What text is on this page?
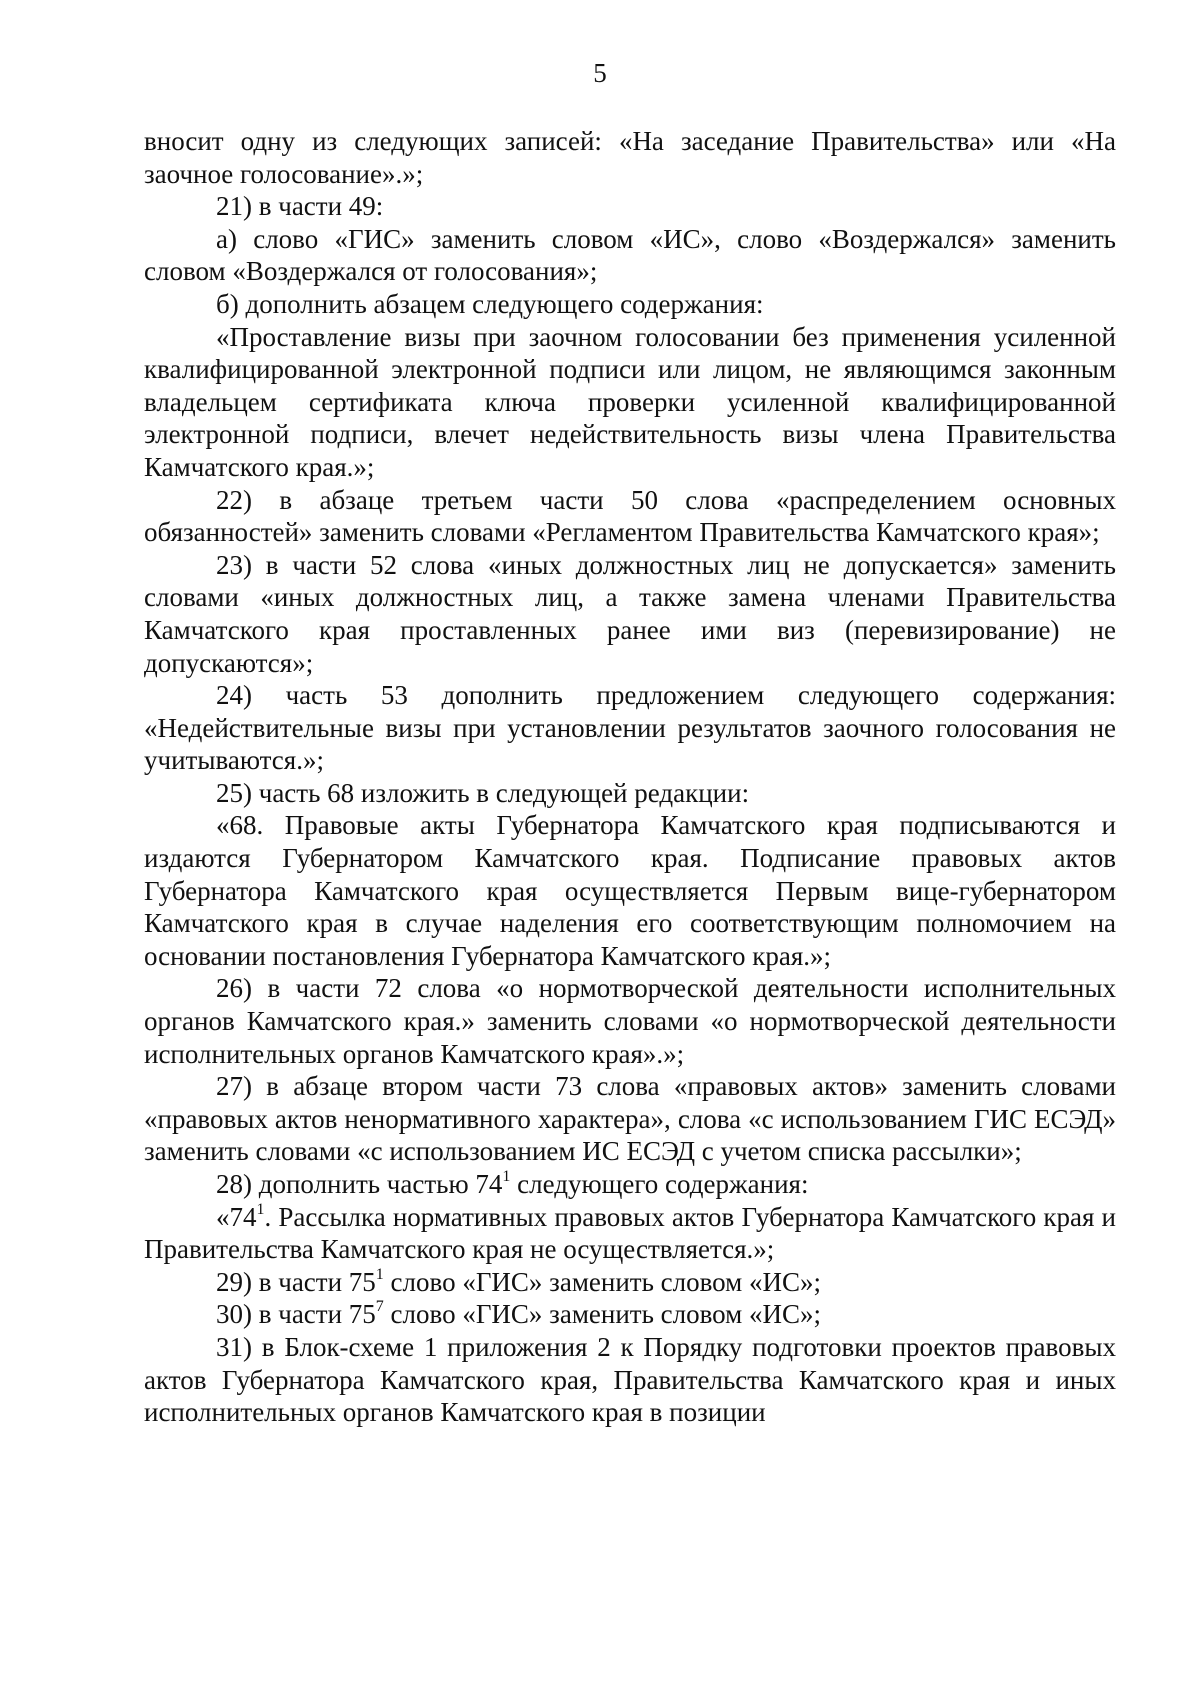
5

вносит одну из следующих записей: «На заседание Правительства» или «На заочное голосование».»;

21) в части 49:

а) слово «ГИС» заменить словом «ИС», слово «Воздержался» заменить словом «Воздержался от голосования»;

б) дополнить абзацем следующего содержания:

«Проставление визы при заочном голосовании без применения усиленной квалифицированной электронной подписи или лицом, не являющимся законным владельцем сертификата ключа проверки усиленной квалифицированной электронной подписи, влечет недействительность визы члена Правительства Камчатского края.»;

22) в абзаце третьем части 50 слова «распределением основных обязанностей» заменить словами «Регламентом Правительства Камчатского края»;

23) в части 52 слова «иных должностных лиц не допускается» заменить словами «иных должностных лиц, а также замена членами Правительства Камчатского края проставленных ранее ими виз (перевизирование) не допускаются»;

24) часть 53 дополнить предложением следующего содержания: «Недействительные визы при установлении результатов заочного голосования не учитываются.»;

25) часть 68 изложить в следующей редакции:

«68. Правовые акты Губернатора Камчатского края подписываются и издаются Губернатором Камчатского края. Подписание правовых актов Губернатора Камчатского края осуществляется Первым вице-губернатором Камчатского края в случае наделения его соответствующим полномочием на основании постановления Губернатора Камчатского края.»;

26) в части 72 слова «о нормотворческой деятельности исполнительных органов Камчатского края.» заменить словами «о нормотворческой деятельности исполнительных органов Камчатского края».»;

27) в абзаце втором части 73 слова «правовых актов» заменить словами «правовых актов ненормативного характера», слова «с использованием ГИС ЕСЭД» заменить словами «с использованием ИС ЕСЭД с учетом списка рассылки»;

28) дополнить частью $74^1$ следующего содержания:

«$74^1$. Рассылка нормативных правовых актов Губернатора Камчатского края и Правительства Камчатского края не осуществляется.»;

29) в части $75^1$ слово «ГИС» заменить словом «ИС»;

30) в части $75^7$ слово «ГИС» заменить словом «ИС»;

31) в Блок-схеме 1 приложения 2 к Порядку подготовки проектов правовых актов Губернатора Камчатского края, Правительства Камчатского края и иных исполнительных органов Камчатского края в позиции
